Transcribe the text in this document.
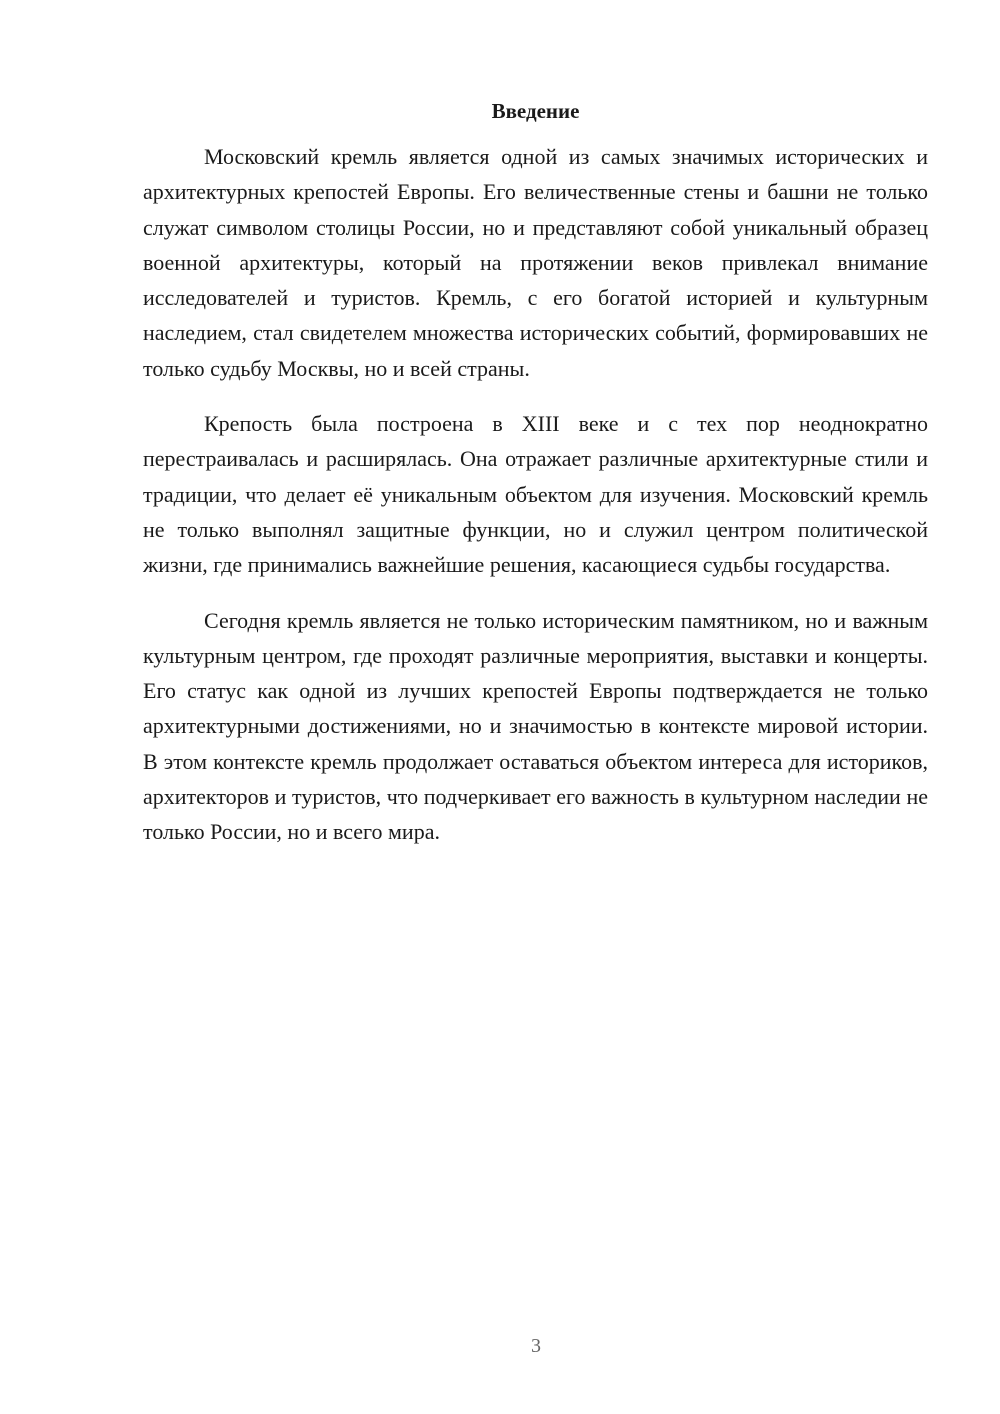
Введение

Московский кремль является одной из самых значимых исторических и архитектурных крепостей Европы. Его величественные стены и башни не только служат символом столицы России, но и представляют собой уникальный образец военной архитектуры, который на протяжении веков привлекал внимание исследователей и туристов. Кремль, с его богатой историей и культурным наследием, стал свидетелем множества исторических событий, формировавших не только судьбу Москвы, но и всей страны.

Крепость была построена в XIII веке и с тех пор неоднократно перестраивалась и расширялась. Она отражает различные архитектурные стили и традиции, что делает её уникальным объектом для изучения. Московский кремль не только выполнял защитные функции, но и служил центром политической жизни, где принимались важнейшие решения, касающиеся судьбы государства.

Сегодня кремль является не только историческим памятником, но и важным культурным центром, где проходят различные мероприятия, выставки и концерты. Его статус как одной из лучших крепостей Европы подтверждается не только архитектурными достижениями, но и значимостью в контексте мировой истории. В этом контексте кремль продолжает оставаться объектом интереса для историков, архитекторов и туристов, что подчеркивает его важность в культурном наследии не только России, но и всего мира.

3
